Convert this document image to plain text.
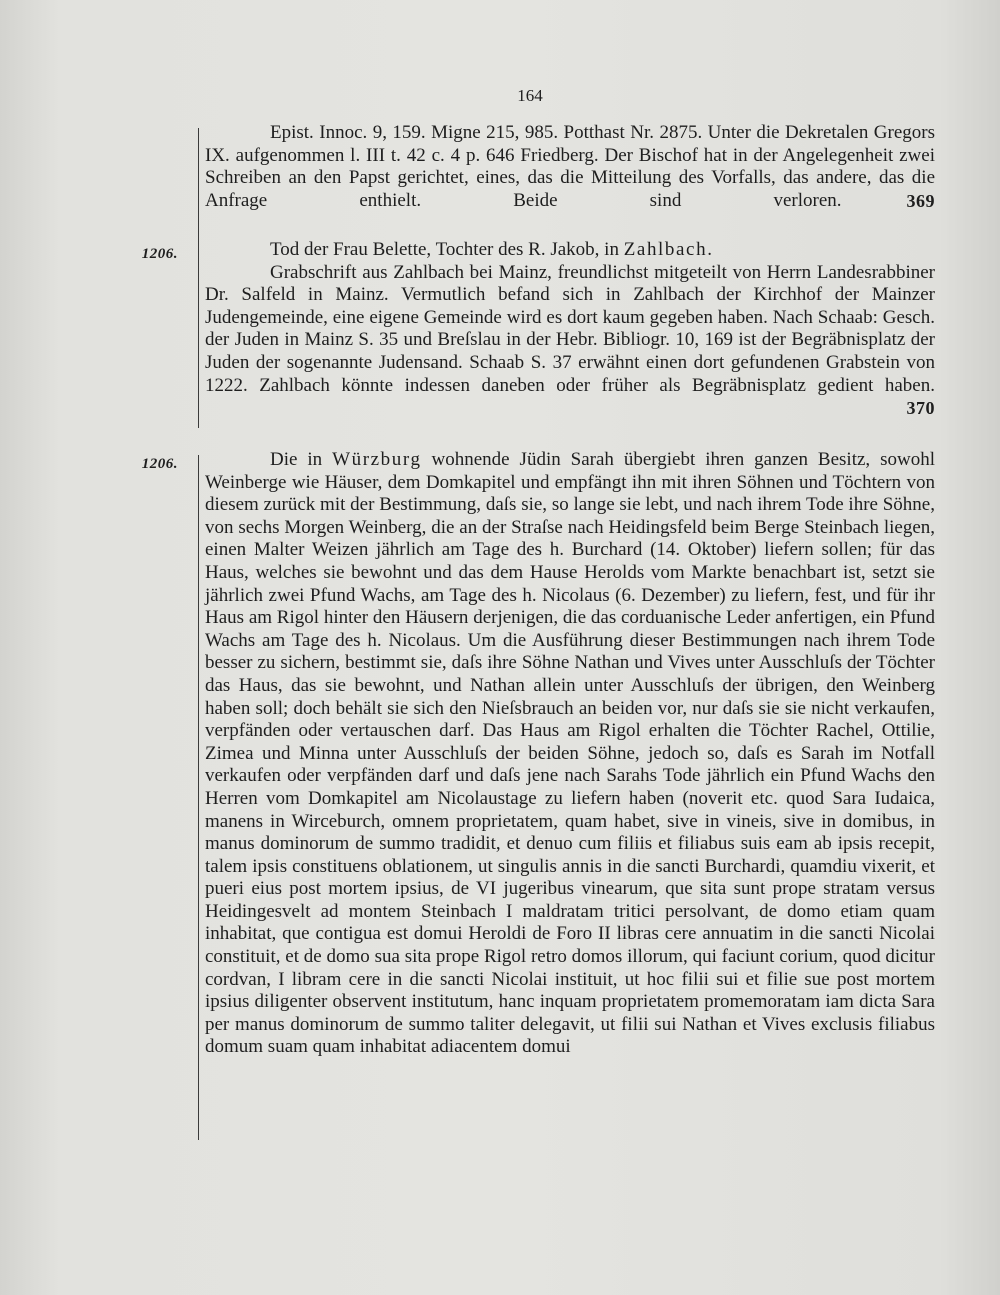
164

Epist. Innoc. 9, 159. Migne 215, 985. Potthast Nr. 2875. Unter die Dekretalen Gregors IX. aufgenommen l. III t. 42 c. 4 p. 646 Friedberg. Der Bischof hat in der Angelegenheit zwei Schreiben an den Papst gerichtet, eines, das die Mitteilung des Vorfalls, das andere, das die Anfrage enthielt. Beide sind verloren.	369

1206.	Tod der Frau Belette, Tochter des R. Jakob, in Zahlbach.

Grabschrift aus Zahlbach bei Mainz, freundlichst mitgeteilt von Herrn Landesrabbiner Dr. Salfeld in Mainz. Vermutlich befand sich in Zahlbach der Kirchhof der Mainzer Judengemeinde, eine eigene Gemeinde wird es dort kaum gegeben haben. Nach Schaab: Gesch. der Juden in Mainz S. 35 und Breſslau in der Hebr. Bibliogr. 10, 169 ist der Begräbnisplatz der Juden der sogenannte Judensand. Schaab S. 37 erwähnt einen dort gefundenen Grabstein von 1222. Zahlbach könnte indessen daneben oder früher als Begräbnisplatz gedient haben.
370

1206.	Die in Würzburg wohnende Jüdin Sarah übergiebt ihren ganzen Besitz, sowohl Weinberge wie Häuser, dem Domkapitel und empfängt ihn mit ihren Söhnen und Töchtern von diesem zurück mit der Bestimmung, daſs sie, so lange sie lebt, und nach ihrem Tode ihre Söhne, von sechs Morgen Weinberg, die an der Straſse nach Heidingsfeld beim Berge Steinbach liegen, einen Malter Weizen jährlich am Tage des h. Burchard (14. Oktober) liefern sollen; für das Haus, welches sie bewohnt und das dem Hause Herolds vom Markte benachbart ist, setzt sie jährlich zwei Pfund Wachs, am Tage des h. Nicolaus (6. Dezember) zu liefern, fest, und für ihr Haus am Rigol hinter den Häusern derjenigen, die das corduanische Leder anfertigen, ein Pfund Wachs am Tage des h. Nicolaus. Um die Ausführung dieser Bestimmungen nach ihrem Tode besser zu sichern, bestimmt sie, daſs ihre Söhne Nathan und Vives unter Ausschluſs der Töchter das Haus, das sie bewohnt, und Nathan allein unter Ausschluſs der übrigen, den Weinberg haben soll; doch behält sie sich den Nieſsbrauch an beiden vor, nur daſs sie sie nicht verkaufen, verpfänden oder vertauschen darf. Das Haus am Rigol erhalten die Töchter Rachel, Ottilie, Zimea und Minna unter Ausschluſs der beiden Söhne, jedoch so, daſs es Sarah im Notfall verkaufen oder verpfänden darf und daſs jene nach Sarahs Tode jährlich ein Pfund Wachs den Herren vom Domkapitel am Nicolaustage zu liefern haben (noverit etc. quod Sara Iudaica, manens in Wirceburch, omnem proprietatem, quam habet, sive in vineis, sive in domibus, in manus dominorum de summo tradidit, et denuo cum filiis et filiabus suis eam ab ipsis recepit, talem ipsis constituens oblationem, ut singulis annis in die sancti Burchardi, quamdiu vixerit, et pueri eius post mortem ipsius, de VI jugeribus vinearum, que sita sunt prope stratam versus Heidingesvelt ad montem Steinbach I maldratam tritici persolvant, de domo etiam quam inhabitat, que contigua est domui Heroldi de Foro II libras cere annuatim in die sancti Nicolai constituit, et de domo sua sita prope Rigol retro domos illorum, qui faciunt corium, quod dicitur cordvan, I libram cere in die sancti Nicolai instituit, ut hoc filii sui et filie sue post mortem ipsius diligenter observent institutum, hanc inquam proprietatem promemoratam iam dicta Sara per manus dominorum de summo taliter delegavit, ut filii sui Nathan et Vives exclusis filiabus domum suam quam inhabitat adiacentem domui
